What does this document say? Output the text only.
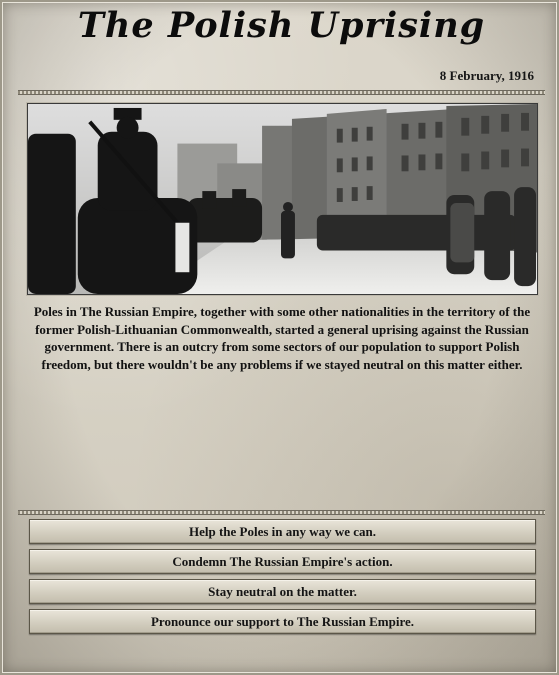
The Polish Uprising
8 February, 1916
Poles in The Russian Empire, together with some other nationalities in the territory of the former Polish-Lithuanian Commonwealth, started a general uprising against the Russian government. There is an outcry from some sectors of our population to support Polish freedom, but there wouldn't be any problems if we stayed neutral on this matter either.
Help the Poles in any way we can.
Condemn The Russian Empire's action.
Stay neutral on the matter.
Pronounce our support to The Russian Empire.
